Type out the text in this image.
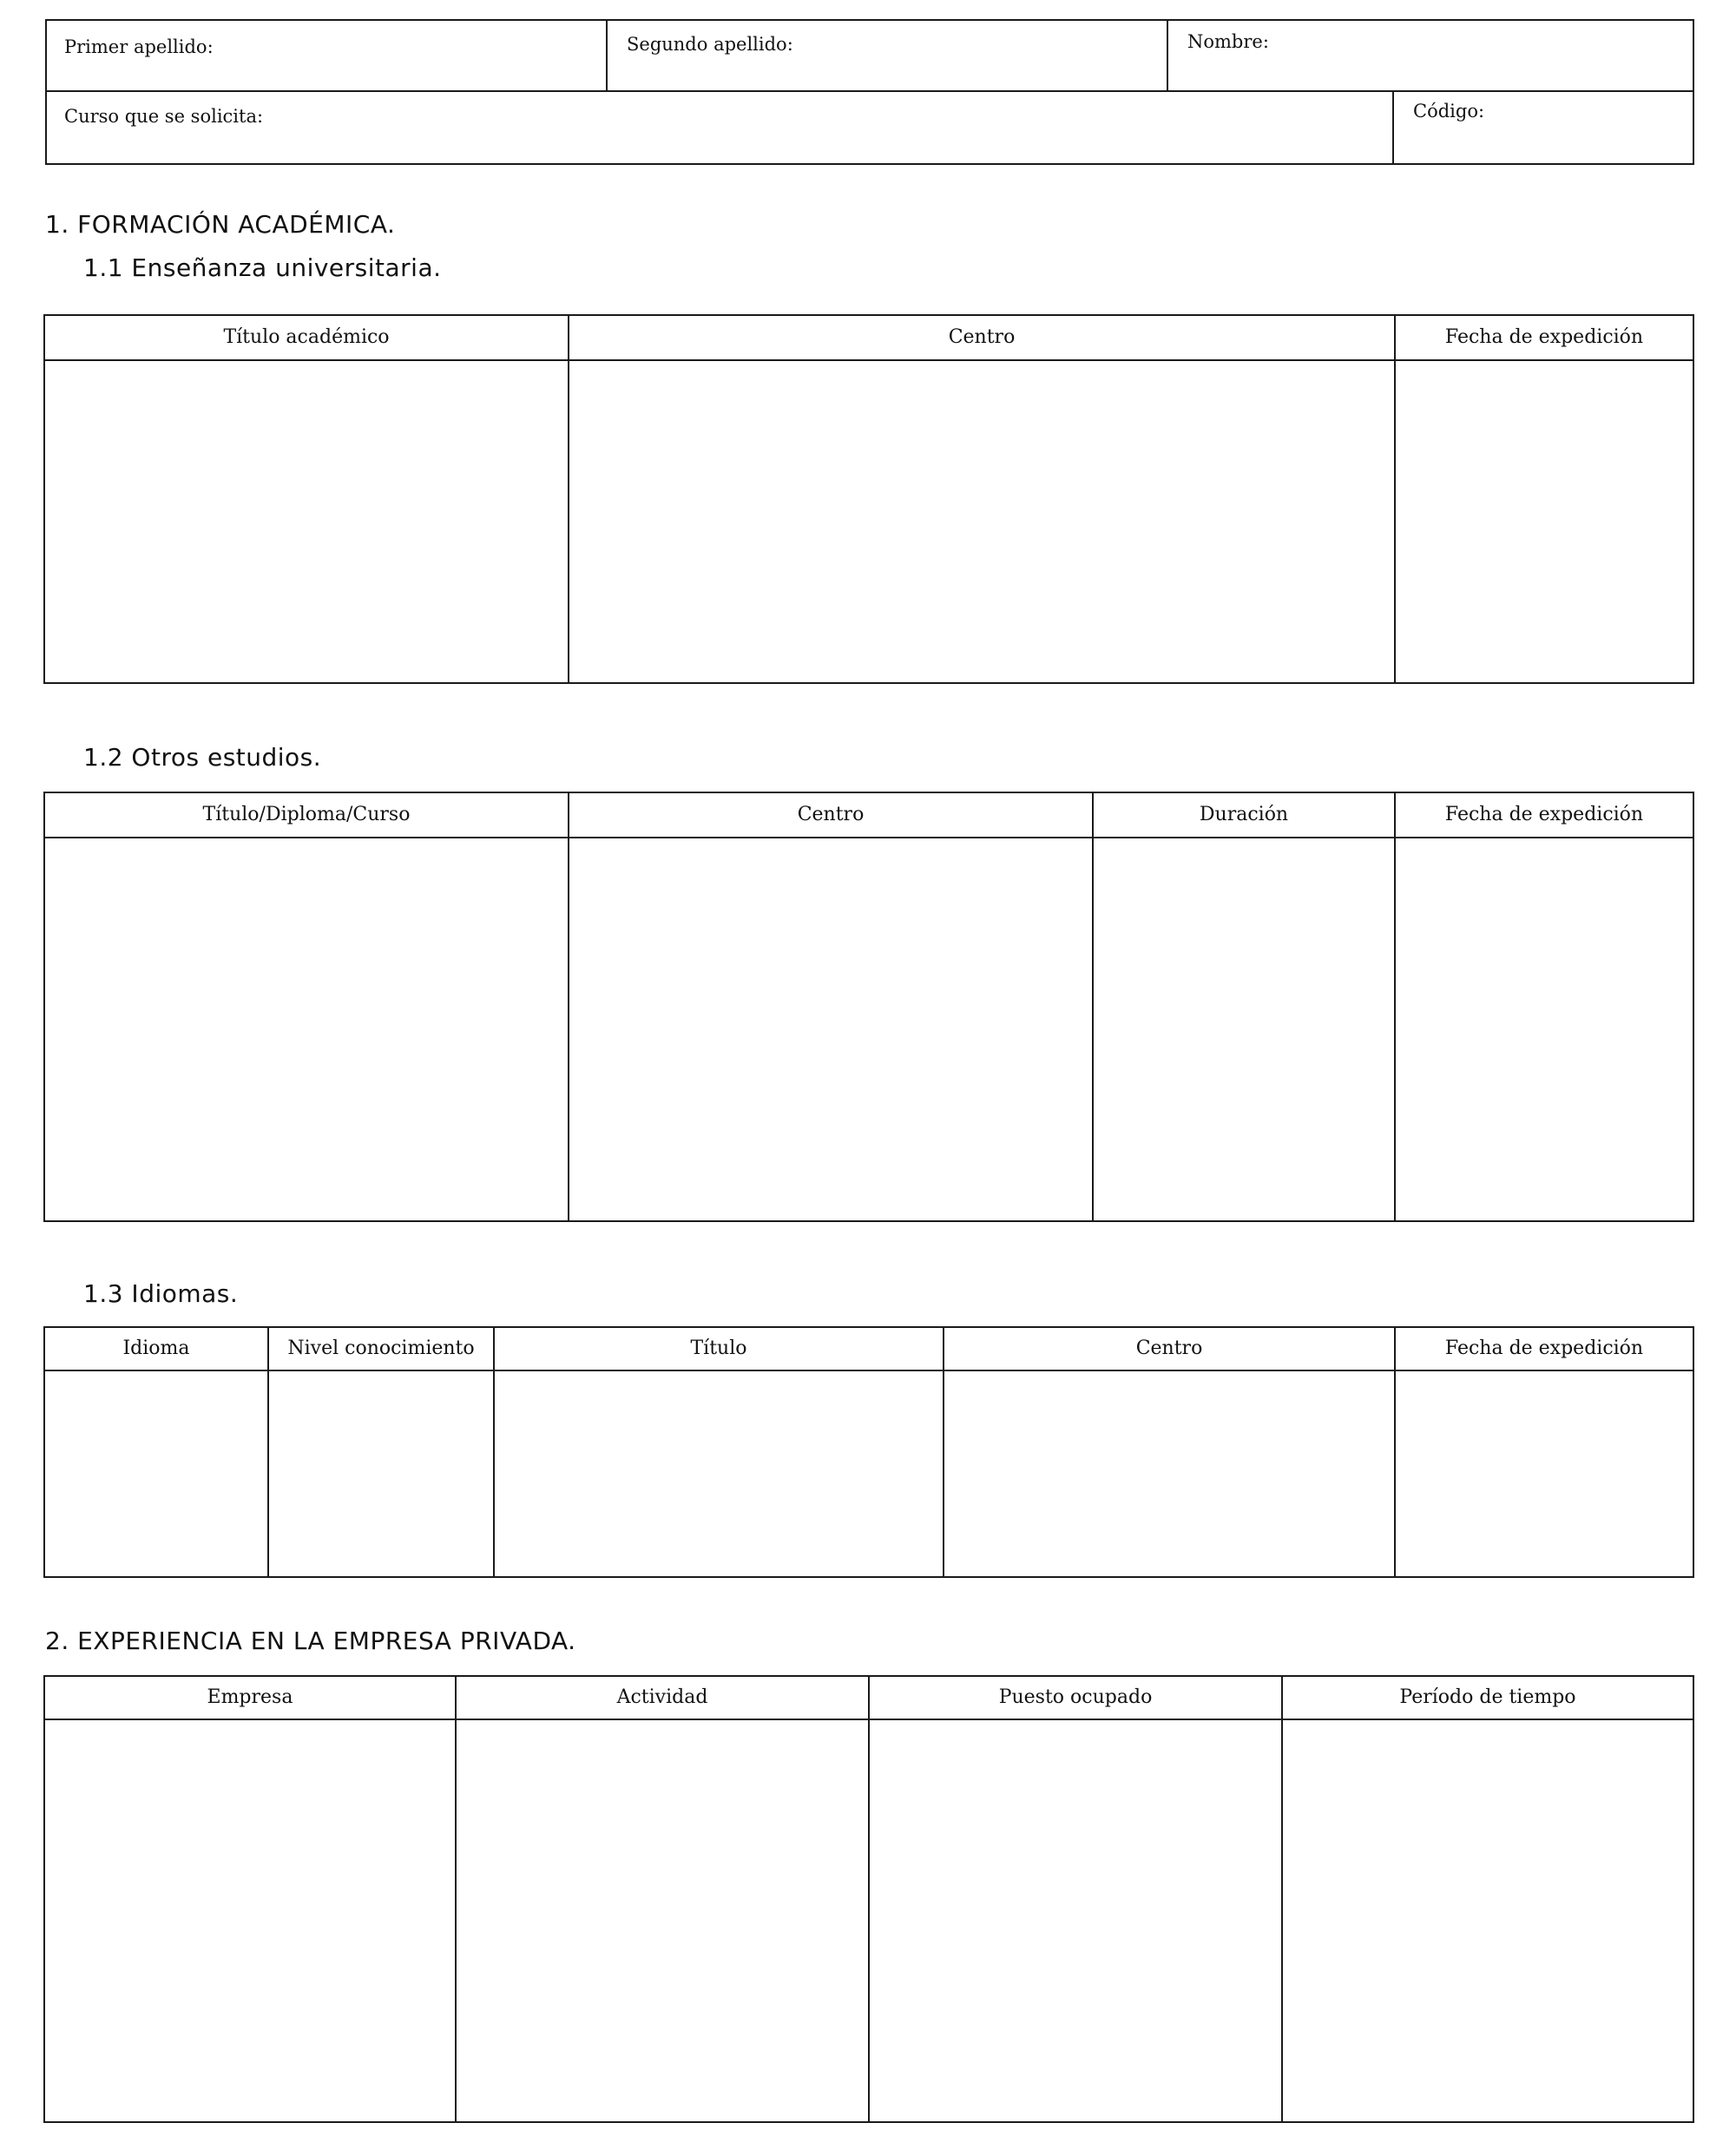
Primer apellido:	Segundo apellido:	Nombre:
Curso que se solicita:	Código:
1. FORMACIÓN ACADÉMICA.
1.1 Enseñanza universitaria.
Título académico	Centro	Fecha de expedición
1.2 Otros estudios.
Título/Diploma/Curso	Centro	Duración	Fecha de expedición
1.3 Idiomas.
Idioma	Nivel conocimiento	Título	Centro	Fecha de expedición
2. EXPERIENCIA EN LA EMPRESA PRIVADA.
Empresa	Actividad	Puesto ocupado	Período de tiempo
